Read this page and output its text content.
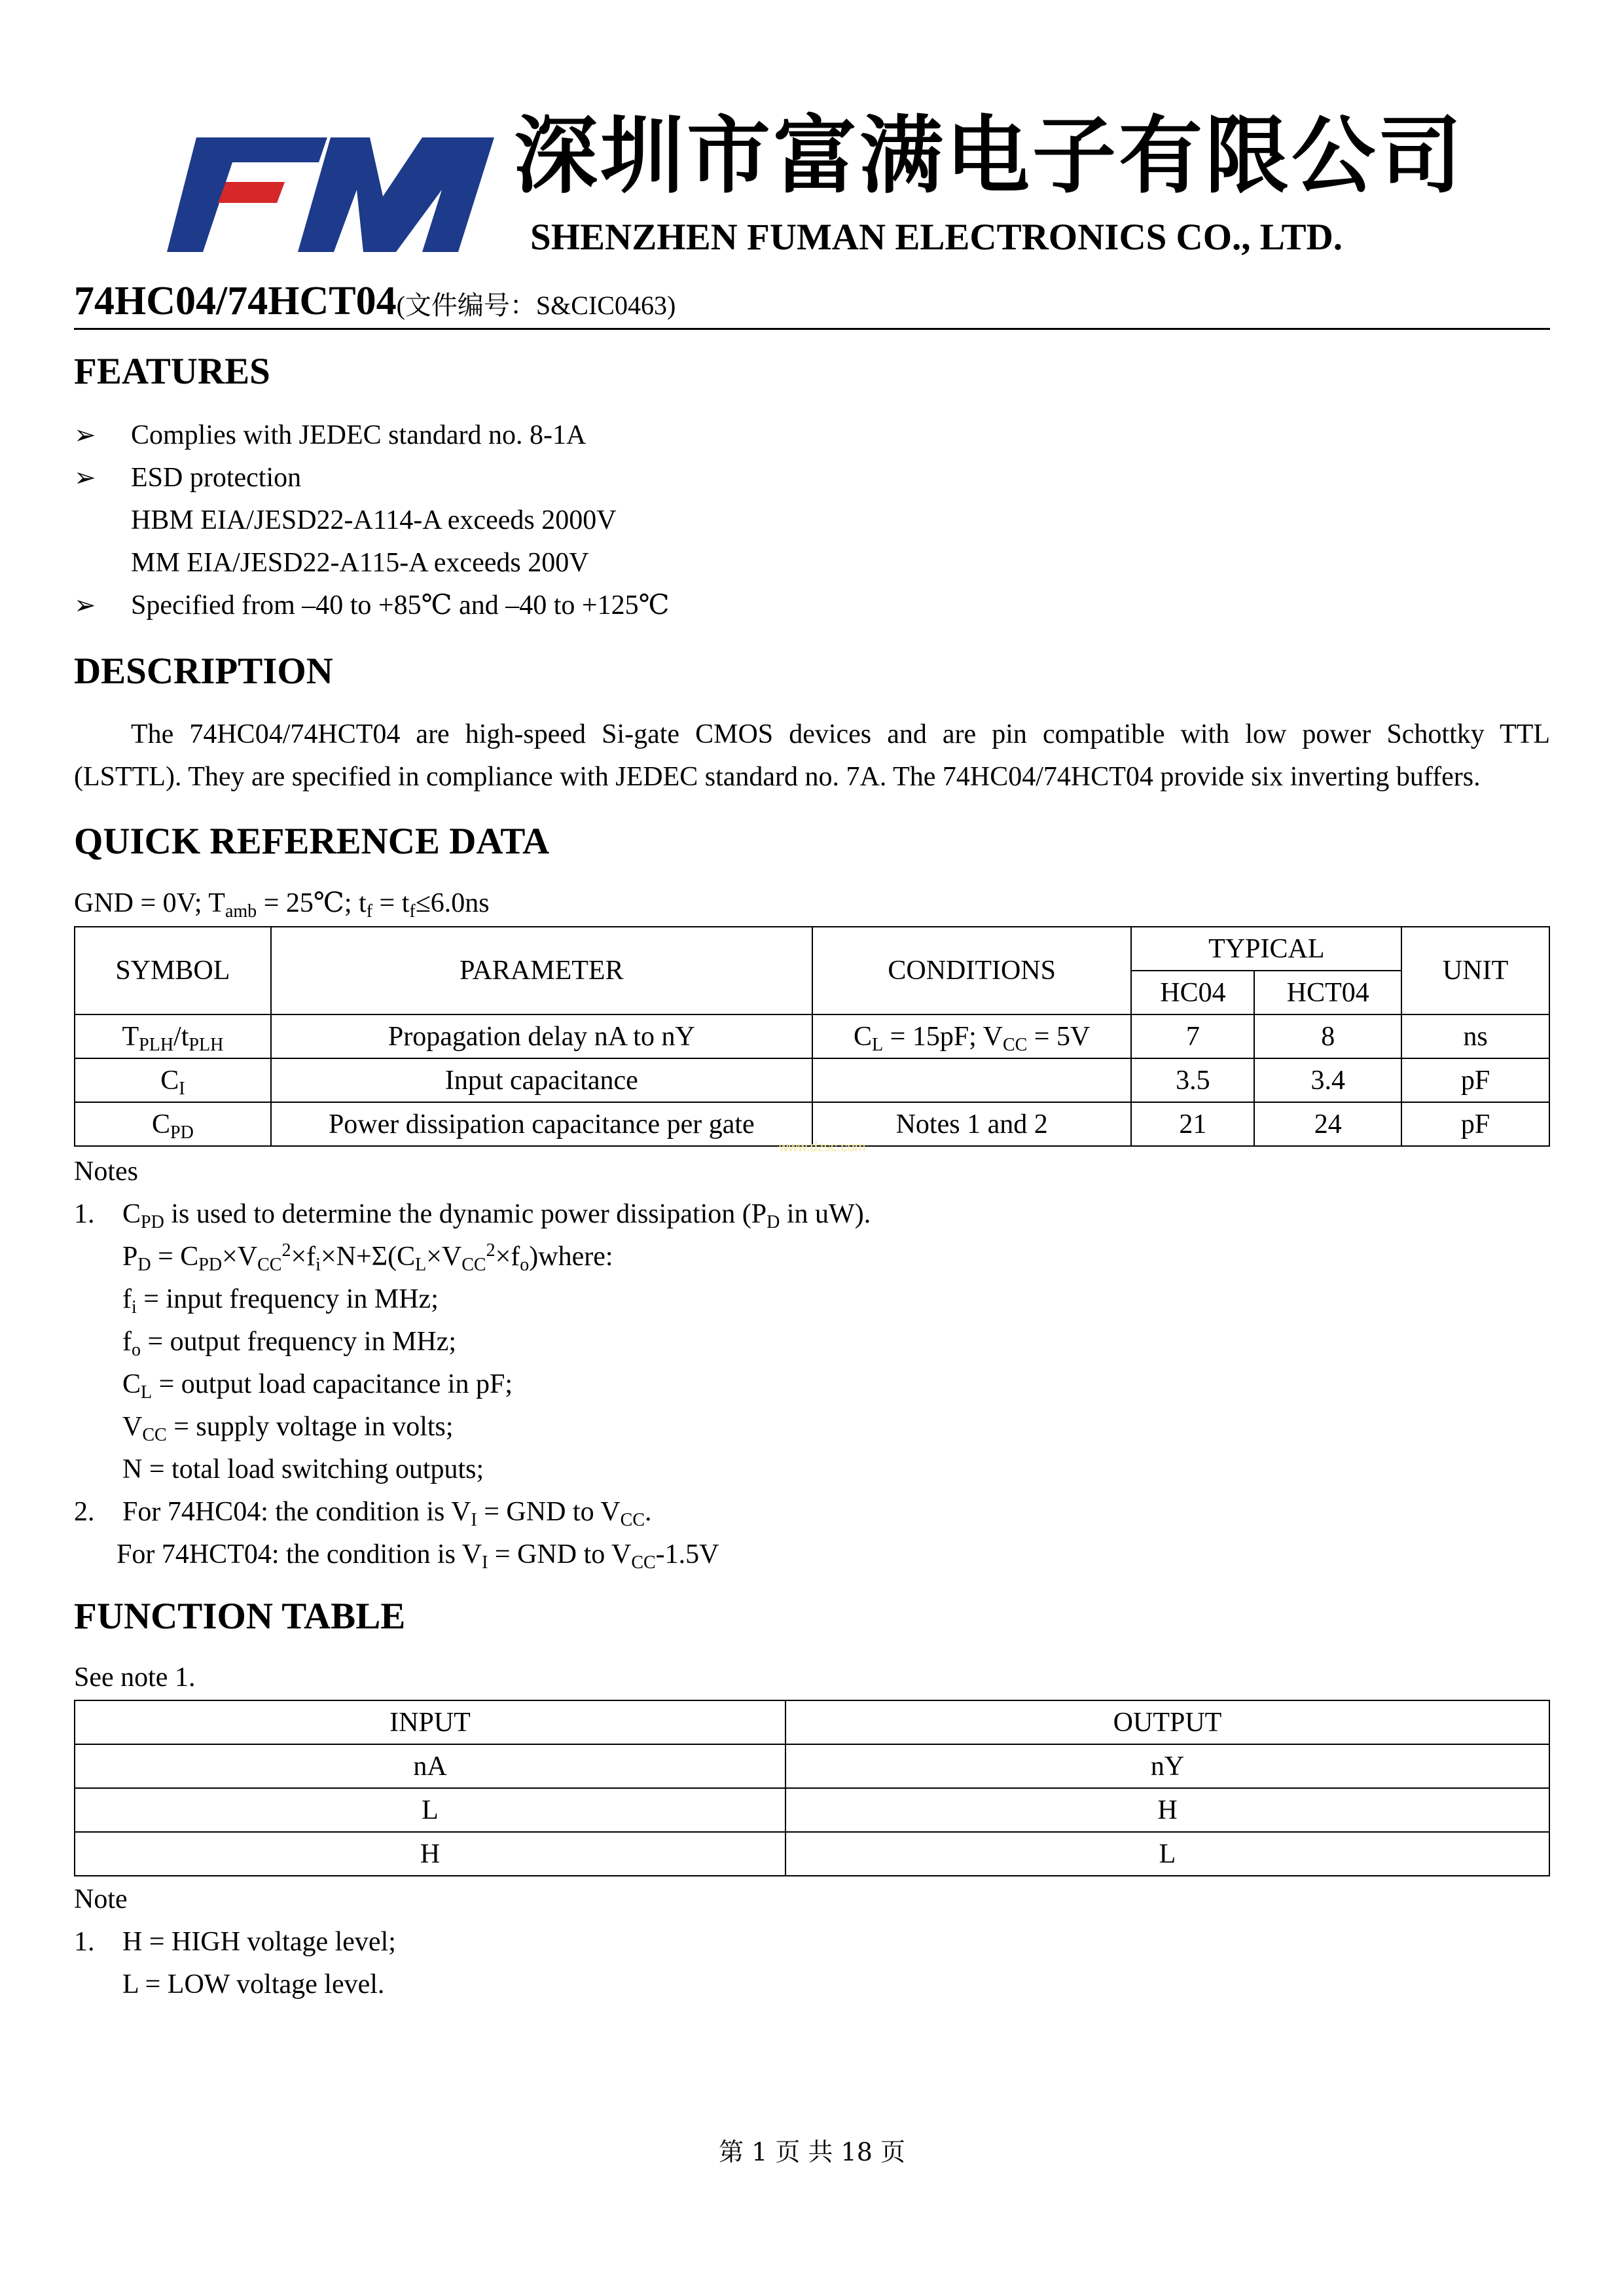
深圳市富满电子有限公司
SHENZHEN FUMAN ELECTRONICS CO., LTD.
74HC04/74HCT04(文件编号：S&CIC0463)
FEATURES
➢ Complies with JEDEC standard no. 8-1A
➢ ESD protection
HBM EIA/JESD22-A114-A exceeds 2000V
MM EIA/JESD22-A115-A exceeds 200V
➢ Specified from –40 to +85℃ and –40 to +125℃
DESCRIPTION
The 74HC04/74HCT04 are high-speed Si-gate CMOS devices and are pin compatible with low power Schottky TTL
(LSTTL). They are specified in compliance with JEDEC standard no. 7A. The 74HC04/74HCT04 provide six inverting buffers.
QUICK REFERENCE DATA
GND = 0V; $T_{amb}$ = 25℃; $t_f = t_f\le 6.0ns$
SYMBOL	PARAMETER	CONDITIONS	TYPICAL		UNIT
			HC04	HCT04	
$T_{PLH}/t_{PLH}$	Propagation delay nA to nY	$C_L = 15pF$; $V_{CC} = 5V$	7	8	ns
$C_I$	Input capacitance		3.5	3.4	pF
$C_{PD}$	Power dissipation capacitance per gate	Notes 1 and 2	21	24	pF
www.dzsc.com
Notes
1. $C_{PD}$ is used to determine the dynamic power dissipation ($P_D$ in uW).
$P_D$ = $C_{PD}\times V_{CC}^2\times f_i\times N+\Sigma(C_L\times V_{CC}^2\times f_o)where$:
$f_i$ = input frequency in MHz;
$f_o$ = output frequency in MHz;
$C_L$ = output load capacitance in pF;
$V_{CC}$ = supply voltage in volts;
N = total load switching outputs;
2. For 74HC04: the condition is $V_I$ = GND to $V_{CC}$.
For 74HCT04: the condition is $V_I$ = GND to $V_{CC}-1.5V$
FUNCTION TABLE
See note 1.
INPUT	OUTPUT
nA	nY
L	H
H	L
Note
1. H = HIGH voltage level;
L = LOW voltage level.
第 1 页 共 18 页
